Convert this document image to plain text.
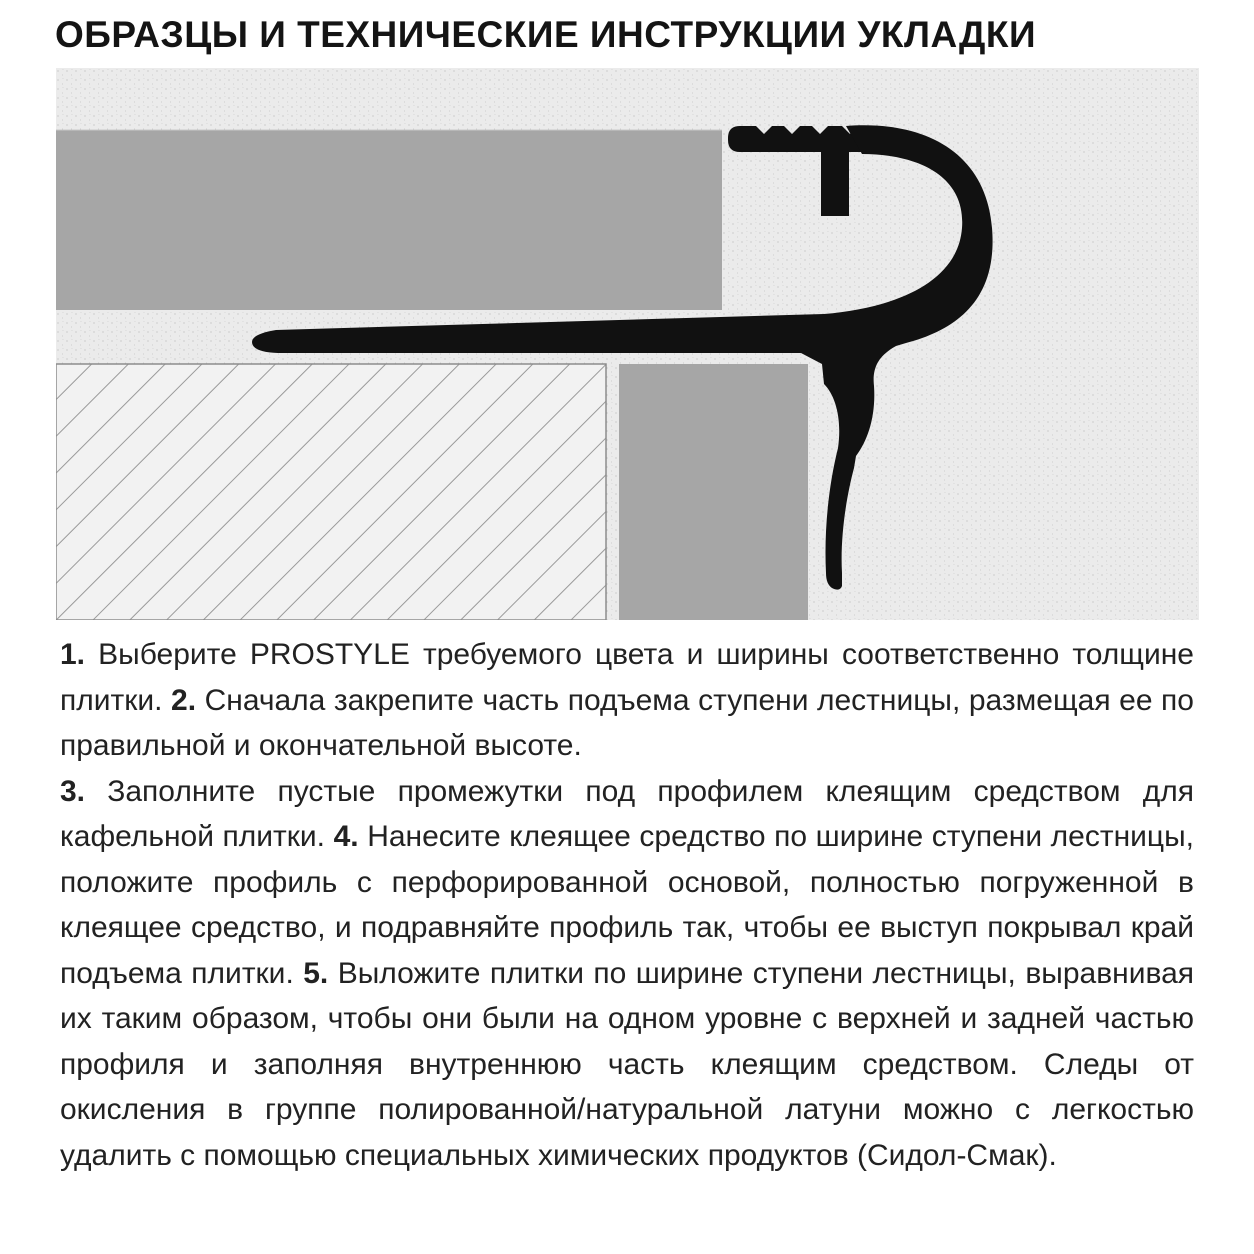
ОБРАЗЦЫ И ТЕХНИЧЕСКИЕ ИНСТРУКЦИИ УКЛАДКИ

1. Выберите PROSTYLE требуемого цвета и ширины соответственно толщине плитки. 2. Сначала закрепите часть подъема ступени лестницы, размещая ее по правильной и окончательной высоте.

3. Заполните пустые промежутки под профилем клеящим средством для кафельной плитки. 4. Нанесите клеящее средство по ширине ступени лестницы, положите профиль с перфорированной основой, полностью погруженной в клеящее средство, и подравняйте профиль так, чтобы ее выступ покрывал край подъема плитки. 5. Выложите плитки по ширине ступени лестницы, выравнивая их таким образом, чтобы они были на одном уровне с верхней и задней частью профиля и заполняя внутреннюю часть клеящим средством. Следы от окисления в группе полированной/натуральной латуни можно с легкостью удалить с помощью специальных химических продуктов (Сидол-Смак).
